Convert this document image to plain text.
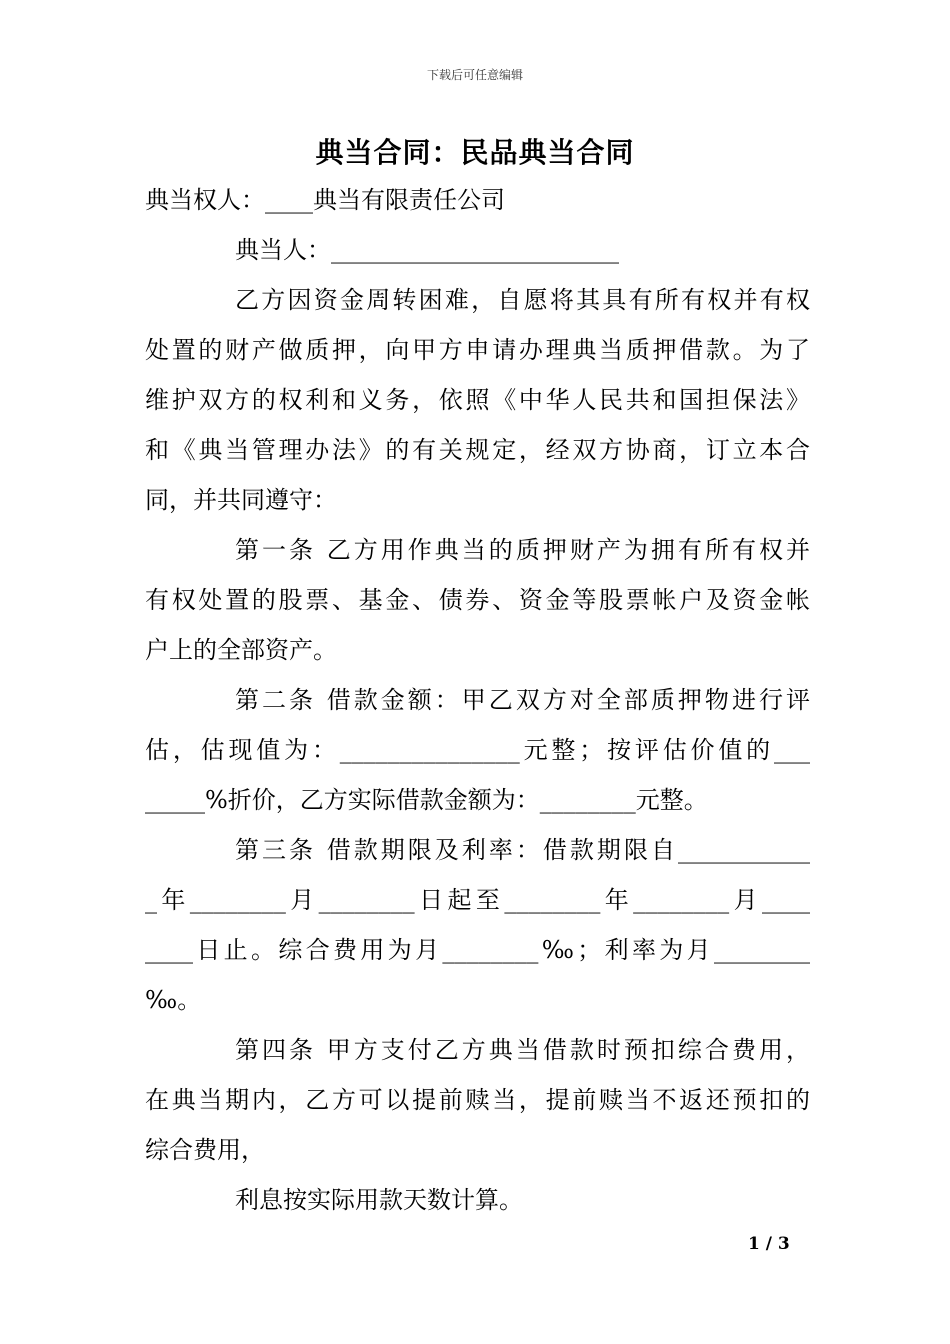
下载后可任意编辑
典当合同：民品典当合同
典当权人：____典当有限责任公司
典当人：________________________
乙方因资金周转困难，自愿将其具有所有权并有权
处置的财产做质押，向甲方申请办理典当质押借款。为了
维护双方的权利和义务，依照《中华人民共和国担保法》
和《典当管理办法》的有关规定，经双方协商，订立本合
同，并共同遵守：
第一条 乙方用作典当的质押财产为拥有所有权并
有权处置的股票、基金、债券、资金等股票帐户及资金帐
户上的全部资产。
第二条 借款金额：甲乙双方对全部质押物进行评
估，估现值为：_______________元整；按评估价值的___
_____%折价，乙方实际借款金额为：________元整。
第三条 借款期限及利率：借款期限自___________
_年________月________日起至________年________月____
____日止。综合费用为月________‰；利率为月________
‰。
第四条 甲方支付乙方典当借款时预扣综合费用，
在典当期内，乙方可以提前赎当，提前赎当不返还预扣的
综合费用，
利息按实际用款天数计算。
1 / 3
